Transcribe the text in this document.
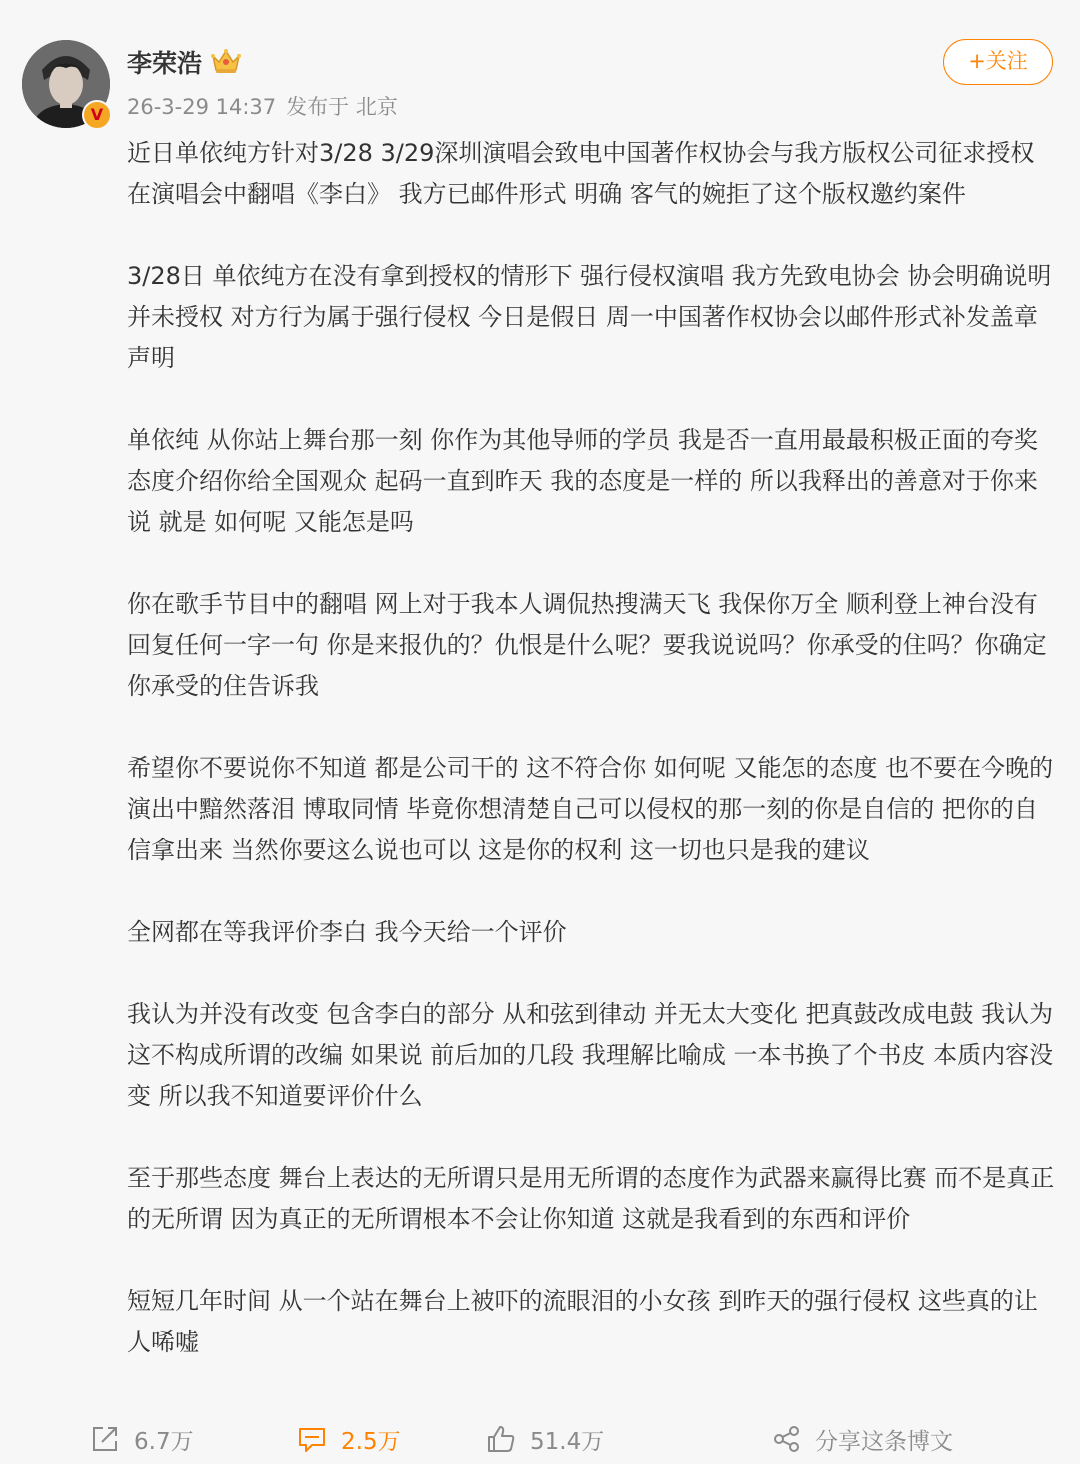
V
李荣浩
26-3-29 14:37 发布于 北京
+关注

近日单依纯方针对3/28 3/29深圳演唱会致电中国著作权协会与我方版权公司征求授权在演唱会中翻唱《李白》 我方已邮件形式 明确 客气的婉拒了这个版权邀约案件

3/28日 单依纯方在没有拿到授权的情形下 强行侵权演唱 我方先致电协会 协会明确说明 并未授权 对方行为属于强行侵权 今日是假日 周一中国著作权协会以邮件形式补发盖章声明

单依纯 从你站上舞台那一刻 你作为其他导师的学员 我是否一直用最最积极正面的夸奖态度介绍你给全国观众 起码一直到昨天 我的态度是一样的 所以我释出的善意对于你来说 就是 如何呢 又能怎是吗

你在歌手节目中的翻唱 网上对于我本人调侃热搜满天飞 我保你万全 顺利登上神台没有回复任何一字一句 你是来报仇的？仇恨是什么呢？要我说说吗？你承受的住吗？你确定你承受的住告诉我

希望你不要说你不知道 都是公司干的 这不符合你 如何呢 又能怎的态度 也不要在今晚的演出中黯然落泪 博取同情 毕竟你想清楚自己可以侵权的那一刻的你是自信的 把你的自信拿出来 当然你要这么说也可以 这是你的权利 这一切也只是我的建议

全网都在等我评价李白 我今天给一个评价

我认为并没有改变 包含李白的部分 从和弦到律动 并无太大变化 把真鼓改成电鼓 我认为这不构成所谓的改编 如果说 前后加的几段 我理解比喻成 一本书换了个书皮 本质内容没变 所以我不知道要评价什么

至于那些态度 舞台上表达的无所谓只是用无所谓的态度作为武器来赢得比赛 而不是真正的无所谓 因为真正的无所谓根本不会让你知道 这就是我看到的东西和评价

短短几年时间 从一个站在舞台上被吓的流眼泪的小女孩 到昨天的强行侵权 这些真的让人唏嘘

6.7万	2.5万	51.4万	分享这条博文
